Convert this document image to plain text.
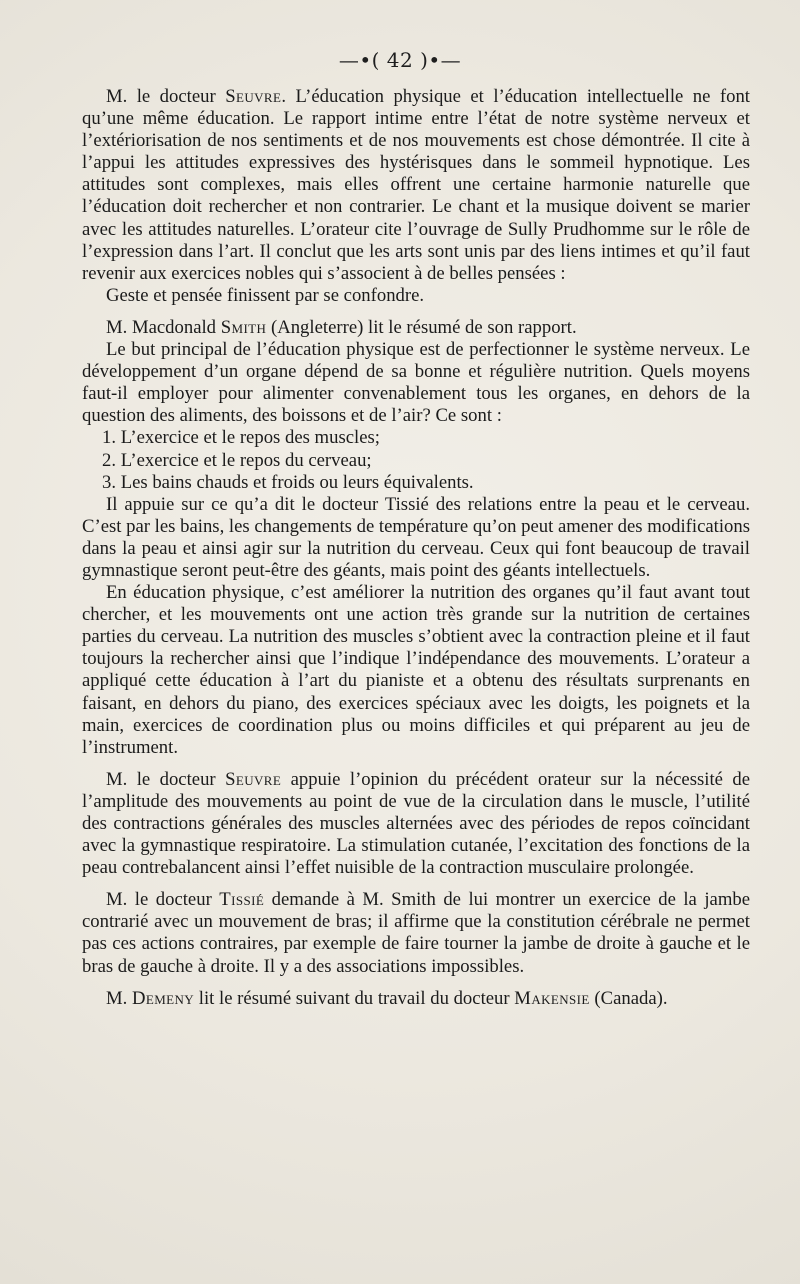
—•( 42 )•—

M. le docteur Seuvre. L’éducation physique et l’éducation intellectuelle ne font qu’une même éducation. Le rapport intime entre l’état de notre système nerveux et l’extériorisation de nos sentiments et de nos mouvements est chose démontrée. Il cite à l’appui les attitudes expressives des hystérisques dans le sommeil hypnotique. Les attitudes sont complexes, mais elles offrent une certaine harmonie naturelle que l’éducation doit rechercher et non contrarier. Le chant et la musique doivent se marier avec les attitudes naturelles. L’orateur cite l’ouvrage de Sully Prudhomme sur le rôle de l’expression dans l’art. Il conclut que les arts sont unis par des liens intimes et qu’il faut revenir aux exercices nobles qui s’associent à de belles pensées :

Geste et pensée finissent par se confondre.

M. Macdonald Smith (Angleterre) lit le résumé de son rapport.

Le but principal de l’éducation physique est de perfectionner le système nerveux. Le développement d’un organe dépend de sa bonne et régulière nutrition. Quels moyens faut-il employer pour alimenter convenablement tous les organes, en dehors de la question des aliments, des boissons et de l’air? Ce sont :

1. L’exercice et le repos des muscles;

2. L’exercice et le repos du cerveau;

3. Les bains chauds et froids ou leurs équivalents.

Il appuie sur ce qu’a dit le docteur Tissié des relations entre la peau et le cerveau. C’est par les bains, les changements de température qu’on peut amener des modifications dans la peau et ainsi agir sur la nutrition du cerveau. Ceux qui font beaucoup de travail gymnastique seront peut-être des géants, mais point des géants intellectuels.

En éducation physique, c’est améliorer la nutrition des organes qu’il faut avant tout chercher, et les mouvements ont une action très grande sur la nutrition de certaines parties du cerveau. La nutrition des muscles s’obtient avec la contraction pleine et il faut toujours la rechercher ainsi que l’indique l’indépendance des mouvements. L’orateur a appliqué cette éducation à l’art du pianiste et a obtenu des résultats surprenants en faisant, en dehors du piano, des exercices spéciaux avec les doigts, les poignets et la main, exercices de coordination plus ou moins difficiles et qui préparent au jeu de l’instrument.

M. le docteur Seuvre appuie l’opinion du précédent orateur sur la nécessité de l’amplitude des mouvements au point de vue de la circulation dans le muscle, l’utilité des contractions générales des muscles alternées avec des périodes de repos coïncidant avec la gymnastique respiratoire. La stimulation cutanée, l’excitation des fonctions de la peau contrebalancent ainsi l’effet nuisible de la contraction musculaire prolongée.

M. le docteur Tissié demande à M. Smith de lui montrer un exercice de la jambe contrarié avec un mouvement de bras; il affirme que la constitution cérébrale ne permet pas ces actions contraires, par exemple de faire tourner la jambe de droite à gauche et le bras de gauche à droite. Il y a des associations impossibles.

M. Demeny lit le résumé suivant du travail du docteur Makensie (Canada).
